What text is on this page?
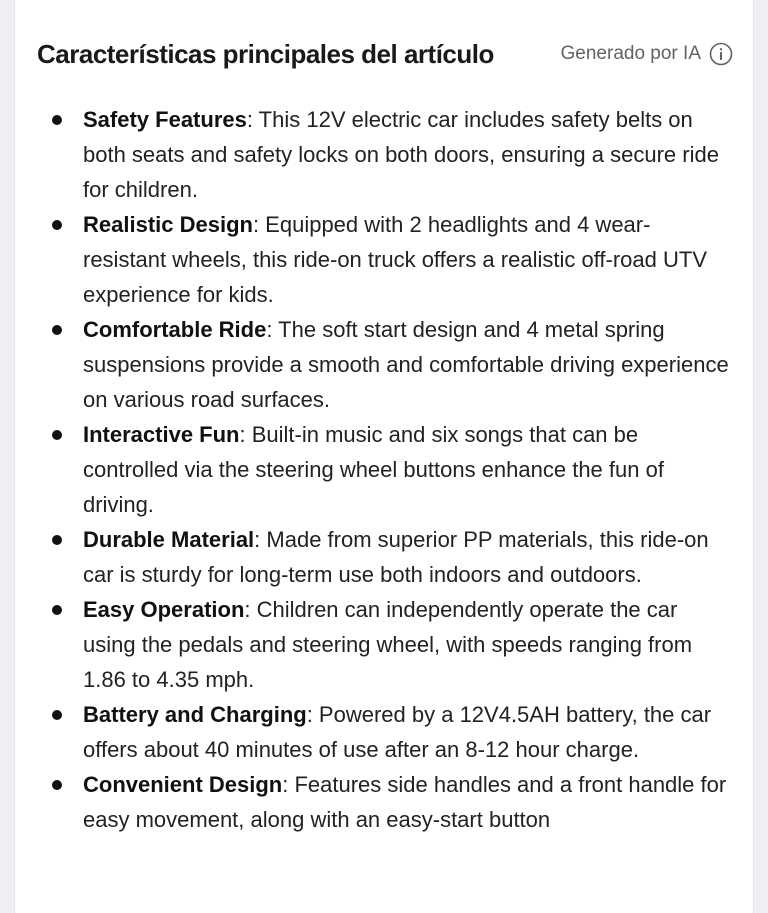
Características principales del artículo	Generado por IA
Safety Features: This 12V electric car includes safety belts on both seats and safety locks on both doors, ensuring a secure ride for children.
Realistic Design: Equipped with 2 headlights and 4 wear-resistant wheels, this ride-on truck offers a realistic off-road UTV experience for kids.
Comfortable Ride: The soft start design and 4 metal spring suspensions provide a smooth and comfortable driving experience on various road surfaces.
Interactive Fun: Built-in music and six songs that can be controlled via the steering wheel buttons enhance the fun of driving.
Durable Material: Made from superior PP materials, this ride-on car is sturdy for long-term use both indoors and outdoors.
Easy Operation: Children can independently operate the car using the pedals and steering wheel, with speeds ranging from 1.86 to 4.35 mph.
Battery and Charging: Powered by a 12V4.5AH battery, the car offers about 40 minutes of use after an 8-12 hour charge.
Convenient Design: Features side handles and a front handle for easy movement, along with an easy-start button
